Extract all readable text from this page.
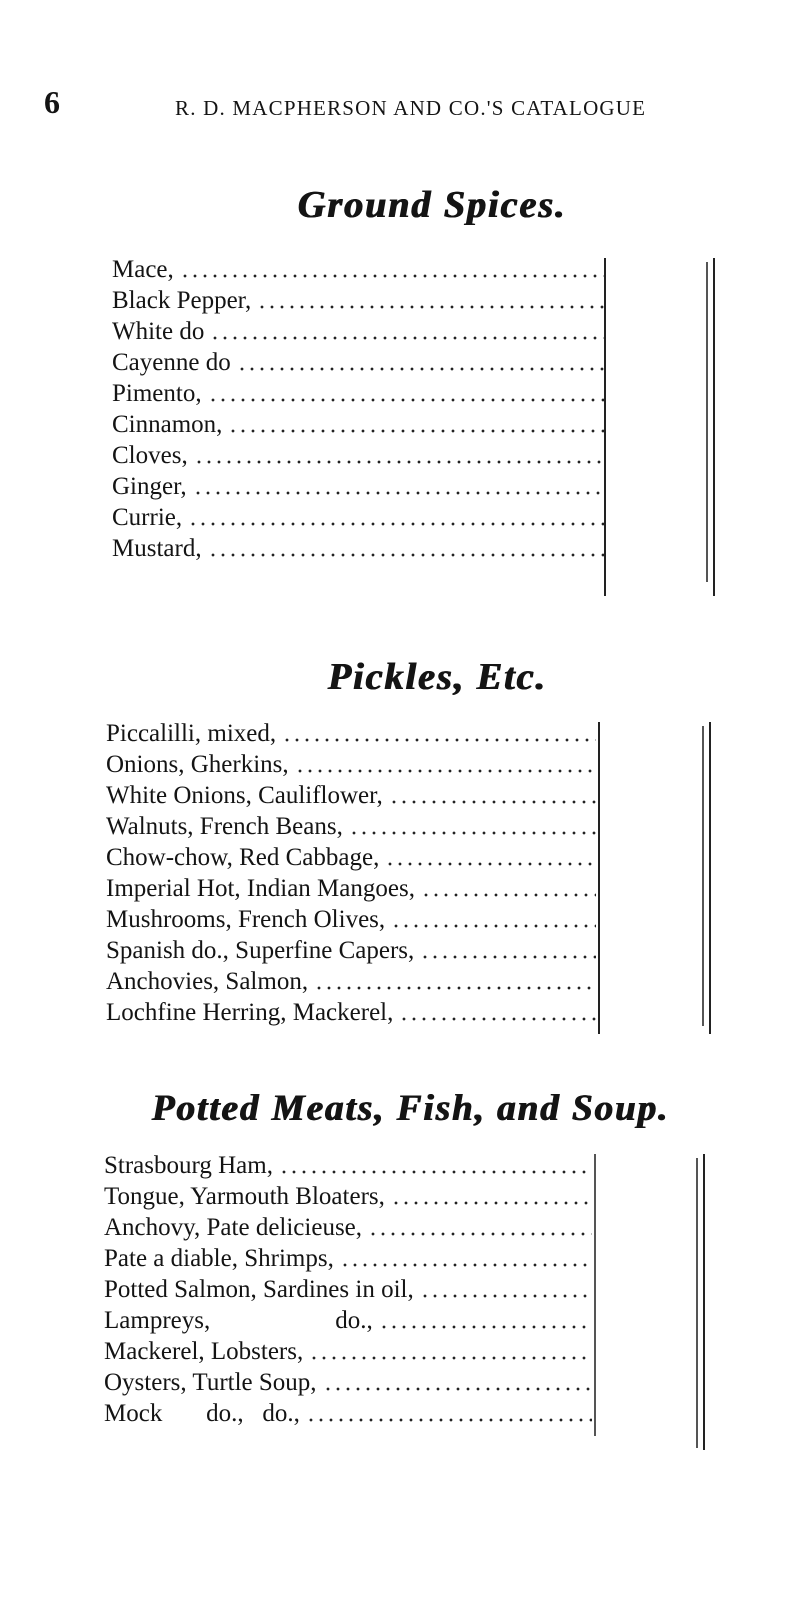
6	R. D. MACPHERSON AND CO.'S CATALOGUE
Ground Spices.
Mace,
Black Pepper,
White do
Cayenne do
Pimento,
Cinnamon,
Cloves,
Ginger,
Currie,
Mustard,
Pickles, Etc.
Piccalilli, mixed,
Onions, Gherkins,
White Onions, Cauliflower,
Walnuts, French Beans,
Chow-chow, Red Cabbage,
Imperial Hot, Indian Mangoes,
Mushrooms, French Olives,
Spanish do., Superfine Capers,
Anchovies, Salmon,
Lochfine Herring, Mackerel,
Potted Meats, Fish, and Soup.
Strasbourg Ham,
Tongue, Yarmouth Bloaters,
Anchovy, Pate delicieuse,
Pate a diable, Shrimps,
Potted Salmon, Sardines in oil,
Lampreys,                    do.,
Mackerel, Lobsters,
Oysters, Turtle Soup,
Mock       do.,   do.,
